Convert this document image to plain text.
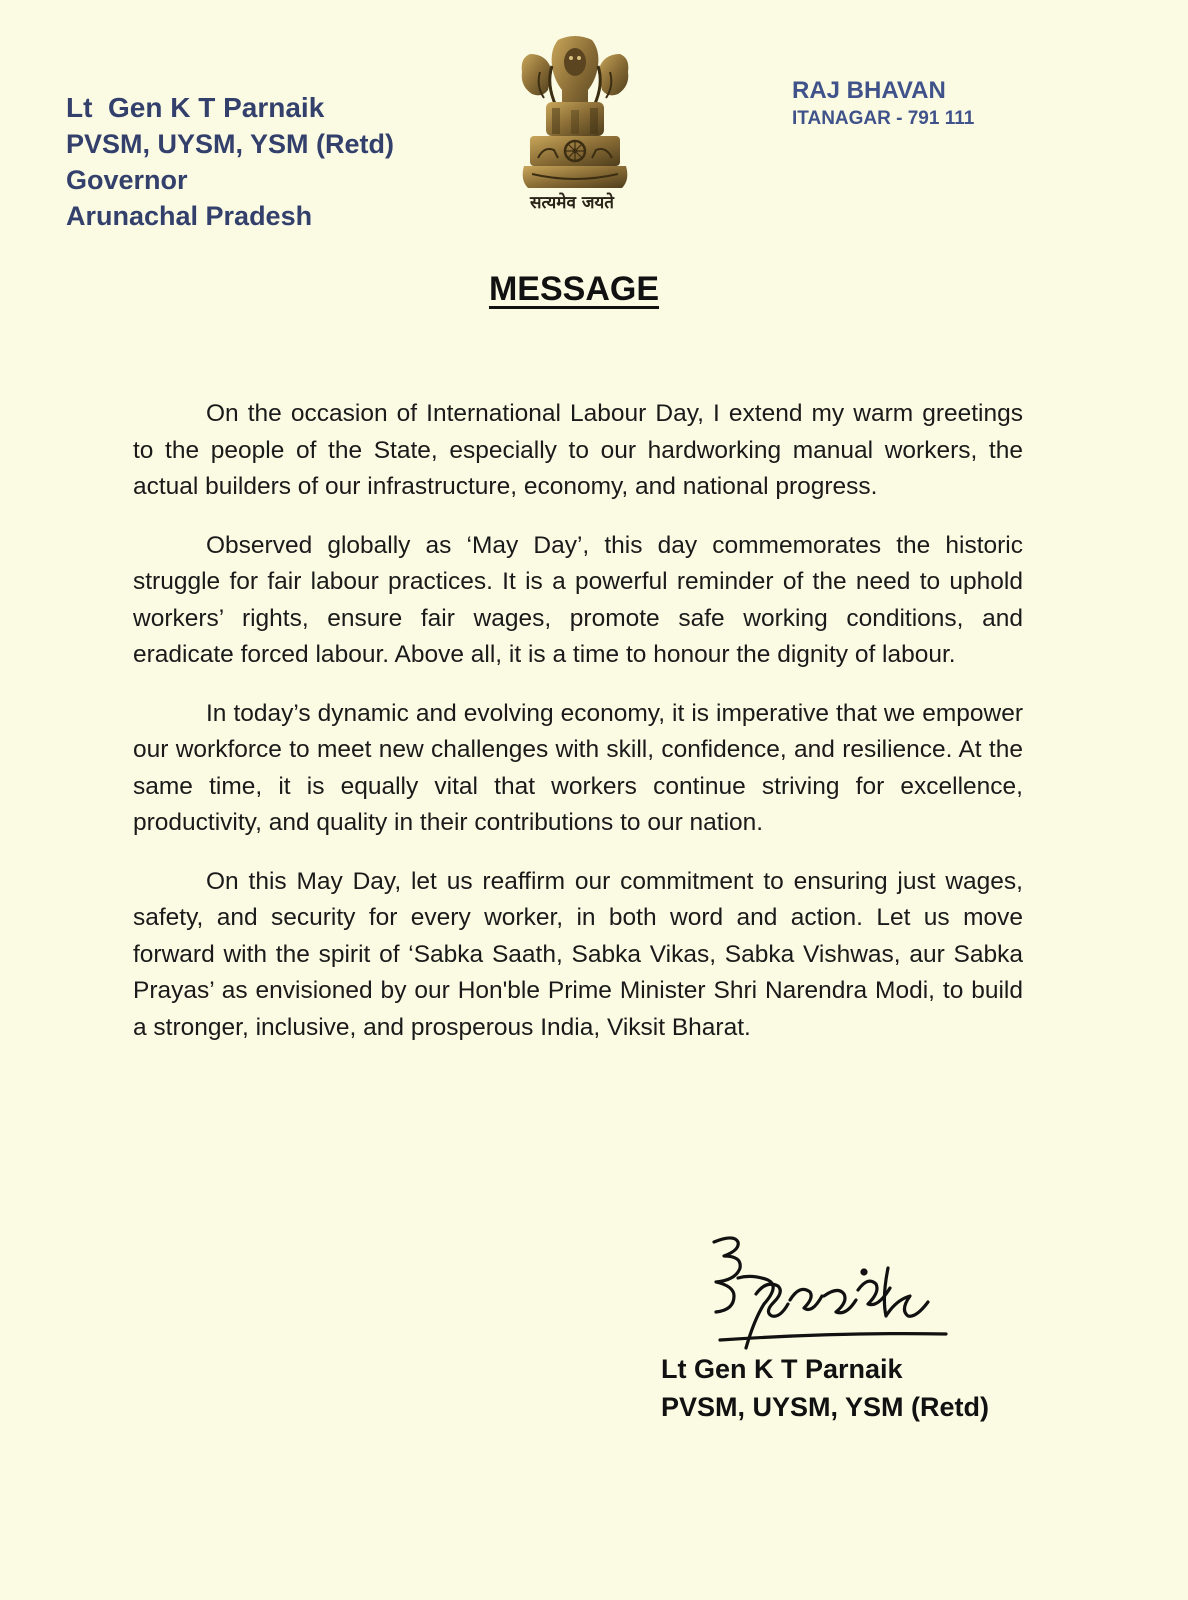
Lt  Gen K T Parnaik
PVSM, UYSM, YSM (Retd)
Governor
Arunachal Pradesh	सत्यमेव जयते
RAJ BHAVAN
ITANAGAR - 791 111
MESSAGE

On the occasion of International Labour Day, I extend my warm greetings to the people of the State, especially to our hardworking manual workers, the actual builders of our infrastructure, economy, and national progress.

Observed globally as ‘May Day’, this day commemorates the historic struggle for fair labour practices. It is a powerful reminder of the need to uphold workers’ rights, ensure fair wages, promote safe working conditions, and eradicate forced labour. Above all, it is a time to honour the dignity of labour.

In today’s dynamic and evolving economy, it is imperative that we empower our workforce to meet new challenges with skill, confidence, and resilience. At the same time, it is equally vital that workers continue striving for excellence, productivity, and quality in their contributions to our nation.

On this May Day, let us reaffirm our commitment to ensuring just wages, safety, and security for every worker, in both word and action. Let us move forward with the spirit of ‘Sabka Saath, Sabka Vikas, Sabka Vishwas, aur Sabka Prayas’ as envisioned by our Hon'ble Prime Minister Shri Narendra Modi, to build a stronger, inclusive, and prosperous India, Viksit Bharat.

Lt Gen K T Parnaik
PVSM, UYSM, YSM (Retd)
